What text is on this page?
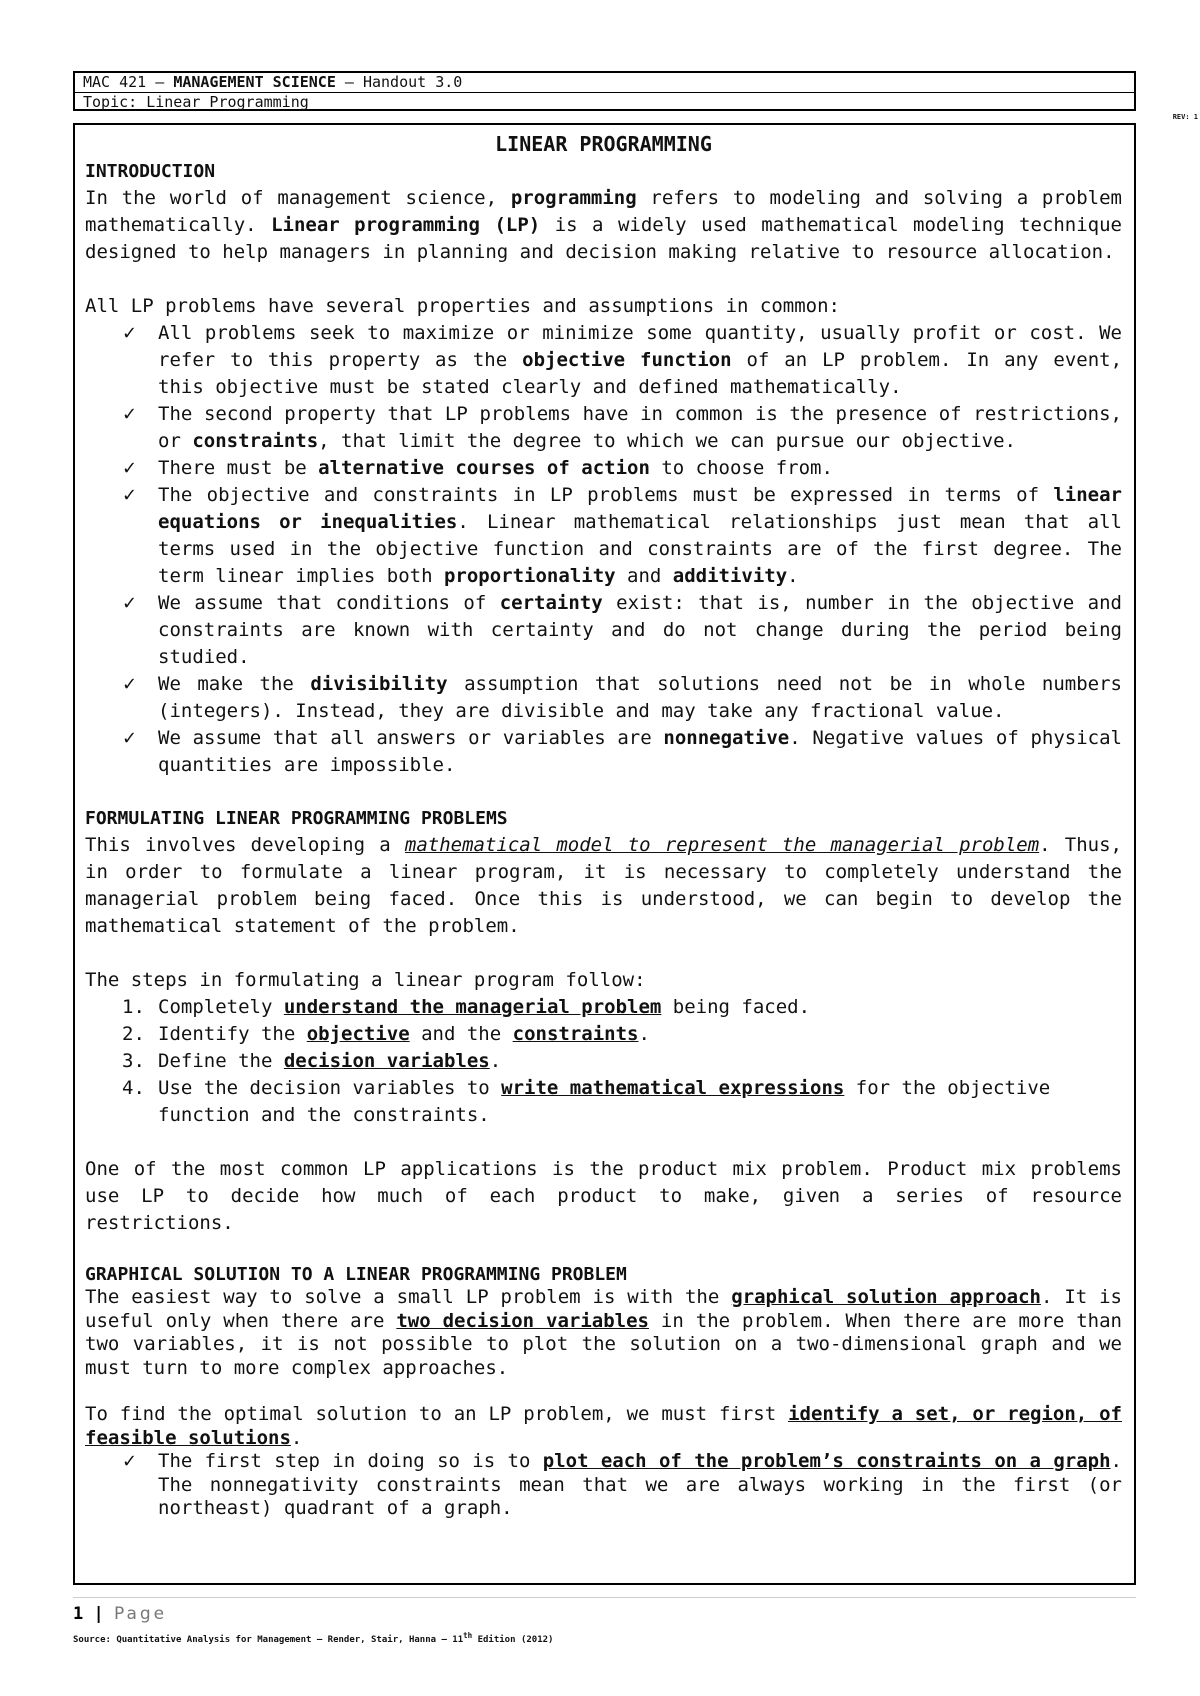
MAC 421 – MANAGEMENT SCIENCE – Handout 3.0
Topic: Linear Programming
REV: 1
LINEAR PROGRAMMING
INTRODUCTION

In the world of management science, programming refers to modeling and solving a problem mathematically. Linear programming (LP) is a widely used mathematical modeling technique designed to help managers in planning and decision making relative to resource allocation.

All LP problems have several properties and assumptions in common:

✓ All problems seek to maximize or minimize some quantity, usually profit or cost. We refer to this property as the objective function of an LP problem. In any event, this objective must be stated clearly and defined mathematically.
✓ The second property that LP problems have in common is the presence of restrictions, or constraints, that limit the degree to which we can pursue our objective.
✓ There must be alternative courses of action to choose from.
✓ The objective and constraints in LP problems must be expressed in terms of linear equations or inequalities. Linear mathematical relationships just mean that all terms used in the objective function and constraints are of the first degree. The term linear implies both proportionality and additivity.
✓ We assume that conditions of certainty exist: that is, number in the objective and constraints are known with certainty and do not change during the period being studied.
✓ We make the divisibility assumption that solutions need not be in whole numbers (integers). Instead, they are divisible and may take any fractional value.
✓ We assume that all answers or variables are nonnegative. Negative values of physical quantities are impossible.
FORMULATING LINEAR PROGRAMMING PROBLEMS

This involves developing a mathematical model to represent the managerial problem. Thus, in order to formulate a linear program, it is necessary to completely understand the managerial problem being faced. Once this is understood, we can begin to develop the mathematical statement of the problem.

The steps in formulating a linear program follow:

1. Completely understand the managerial problem being faced.
2. Identify the objective and the constraints.
3. Define the decision variables.
4. Use the decision variables to write mathematical expressions for the objective function and the constraints.

One of the most common LP applications is the product mix problem. Product mix problems use LP to decide how much of each product to make, given a series of resource restrictions.

GRAPHICAL SOLUTION TO A LINEAR PROGRAMMING PROBLEM

The easiest way to solve a small LP problem is with the graphical solution approach. It is useful only when there are two decision variables in the problem. When there are more than two variables, it is not possible to plot the solution on a two-dimensional graph and we must turn to more complex approaches.

To find the optimal solution to an LP problem, we must first identify a set, or region, of feasible solutions.

✓ The first step in doing so is to plot each of the problem’s constraints on a graph. The nonnegativity constraints mean that we are always working in the first (or northeast) quadrant of a graph.
1 | Page
Source: Quantitative Analysis for Management – Render, Stair, Hanna – 11th Edition (2012)
